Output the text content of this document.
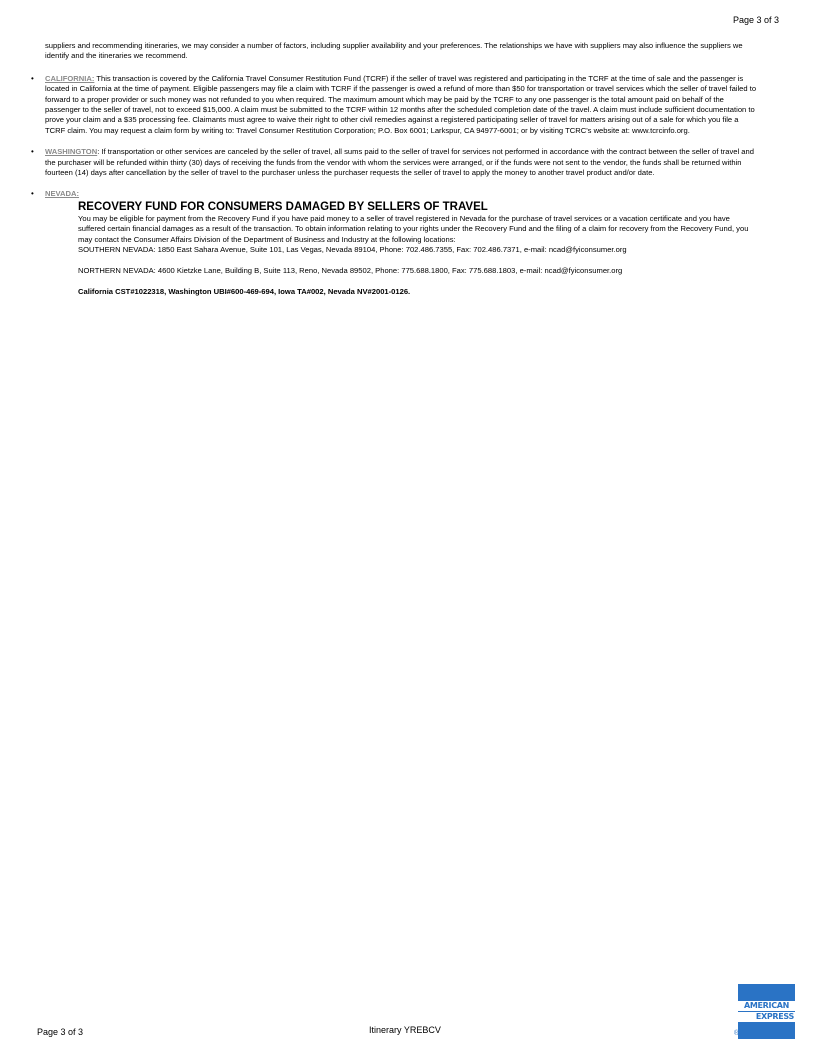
Page 3 of 3

suppliers and recommending itineraries, we may consider a number of factors, including supplier availability and your preferences. The relationships we have with suppliers may also influence the suppliers we identify and the itineraries we recommend.

• CALIFORNIA: This transaction is covered by the California Travel Consumer Restitution Fund (TCRF) if the seller of travel was registered and participating in the TCRF at the time of sale and the passenger is located in California at the time of payment. Eligible passengers may file a claim with TCRF if the passenger is owed a refund of more than $50 for transportation or travel services which the seller of travel failed to forward to a proper provider or such money was not refunded to you when required. The maximum amount which may be paid by the TCRF to any one passenger is the total amount paid on behalf of the passenger to the seller of travel, not to exceed $15,000. A claim must be submitted to the TCRF within 12 months after the scheduled completion date of the travel. A claim must include sufficient documentation to prove your claim and a $35 processing fee. Claimants must agree to waive their right to other civil remedies against a registered participating seller of travel for matters arising out of a sale for which you file a TCRF claim. You may request a claim form by writing to: Travel Consumer Restitution Corporation; P.O. Box 6001; Larkspur, CA 94977-6001; or by visiting TCRC's website at: www.tcrcinfo.org.

• WASHINGTON: If transportation or other services are canceled by the seller of travel, all sums paid to the seller of travel for services not performed in accordance with the contract between the seller of travel and the purchaser will be refunded within thirty (30) days of receiving the funds from the vendor with whom the services were arranged, or if the funds were not sent to the vendor, the funds shall be returned within fourteen (14) days after cancellation by the seller of travel to the purchaser unless the purchaser requests the seller of travel to apply the money to another travel product and/or date.

• NEVADA:

RECOVERY FUND FOR CONSUMERS DAMAGED BY SELLERS OF TRAVEL

You may be eligible for payment from the Recovery Fund if you have paid money to a seller of travel registered in Nevada for the purchase of travel services or a vacation certificate and you have suffered certain financial damages as a result of the transaction. To obtain information relating to your rights under the Recovery Fund and the filing of a claim for recovery from the Recovery Fund, you may contact the Consumer Affairs Division of the Department of Business and Industry at the following locations:

SOUTHERN NEVADA: 1850 East Sahara Avenue, Suite 101, Las Vegas, Nevada 89104, Phone: 702.486.7355, Fax: 702.486.7371, e-mail: ncad@fyiconsumer.org

NORTHERN NEVADA: 4600 Kietzke Lane, Building B, Suite 113, Reno, Nevada 89502, Phone: 775.688.1800, Fax: 775.688.1803, e-mail: ncad@fyiconsumer.org

California CST#1022318, Washington UBI#600-469-694, Iowa TA#002, Nevada NV#2001-0126.

Page 3 of 3	Itinerary YREBCV
AMERICAN
EXPRESS
®
